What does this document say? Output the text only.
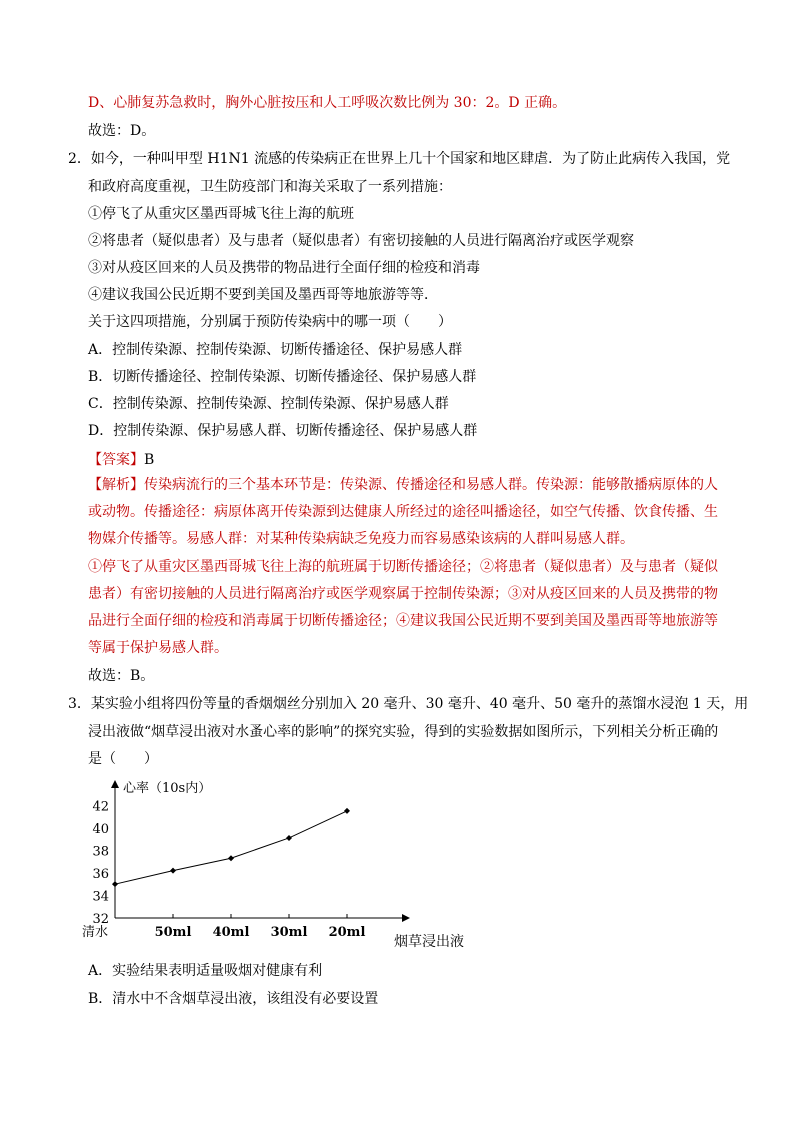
D、心肺复苏急救时，胸外心脏按压和人工呼吸次数比例为 30：2。D 正确。
故选：D。
2．如今，一种叫甲型 H1N1 流感的传染病正在世界上几十个国家和地区肆虐．为了防止此病传入我国，党
和政府高度重视，卫生防疫部门和海关采取了一系列措施：
①停飞了从重灾区墨西哥城飞往上海的航班
②将患者（疑似患者）及与患者（疑似患者）有密切接触的人员进行隔离治疗或医学观察
③对从疫区回来的人员及携带的物品进行全面仔细的检疫和消毒
④建议我国公民近期不要到美国及墨西哥等地旅游等等．
关于这四项措施，分别属于预防传染病中的哪一项（　　）
A．控制传染源、控制传染源、切断传播途径、保护易感人群
B．切断传播途径、控制传染源、切断传播途径、保护易感人群
C．控制传染源、控制传染源、控制传染源、保护易感人群
D．控制传染源、保护易感人群、切断传播途径、保护易感人群
【答案】B
【解析】传染病流行的三个基本环节是：传染源、传播途径和易感人群。传染源：能够散播病原体的人
或动物。传播途径：病原体离开传染源到达健康人所经过的途径叫播途径，如空气传播、饮食传播、生
物媒介传播等。易感人群：对某种传染病缺乏免疫力而容易感染该病的人群叫易感人群。
①停飞了从重灾区墨西哥城飞往上海的航班属于切断传播途径；②将患者（疑似患者）及与患者（疑似
患者）有密切接触的人员进行隔离治疗或医学观察属于控制传染源；③对从疫区回来的人员及携带的物
品进行全面仔细的检疫和消毒属于切断传播途径；④建议我国公民近期不要到美国及墨西哥等地旅游等
等属于保护易感人群。
故选：B。
3．某实验小组将四份等量的香烟烟丝分别加入 20 毫升、30 毫升、40 毫升、50 毫升的蒸馏水浸泡 1 天，用
浸出液做“烟草浸出液对水蚤心率的影响”的探究实验，得到的实验数据如图所示，下列相关分析正确的
是（　　）
心率（10s内）
32
34
36
38
40
42
清水	50ml 40ml 30ml 20ml
烟草浸出液
A．实验结果表明适量吸烟对健康有利
B．清水中不含烟草浸出液，该组没有必要设置
